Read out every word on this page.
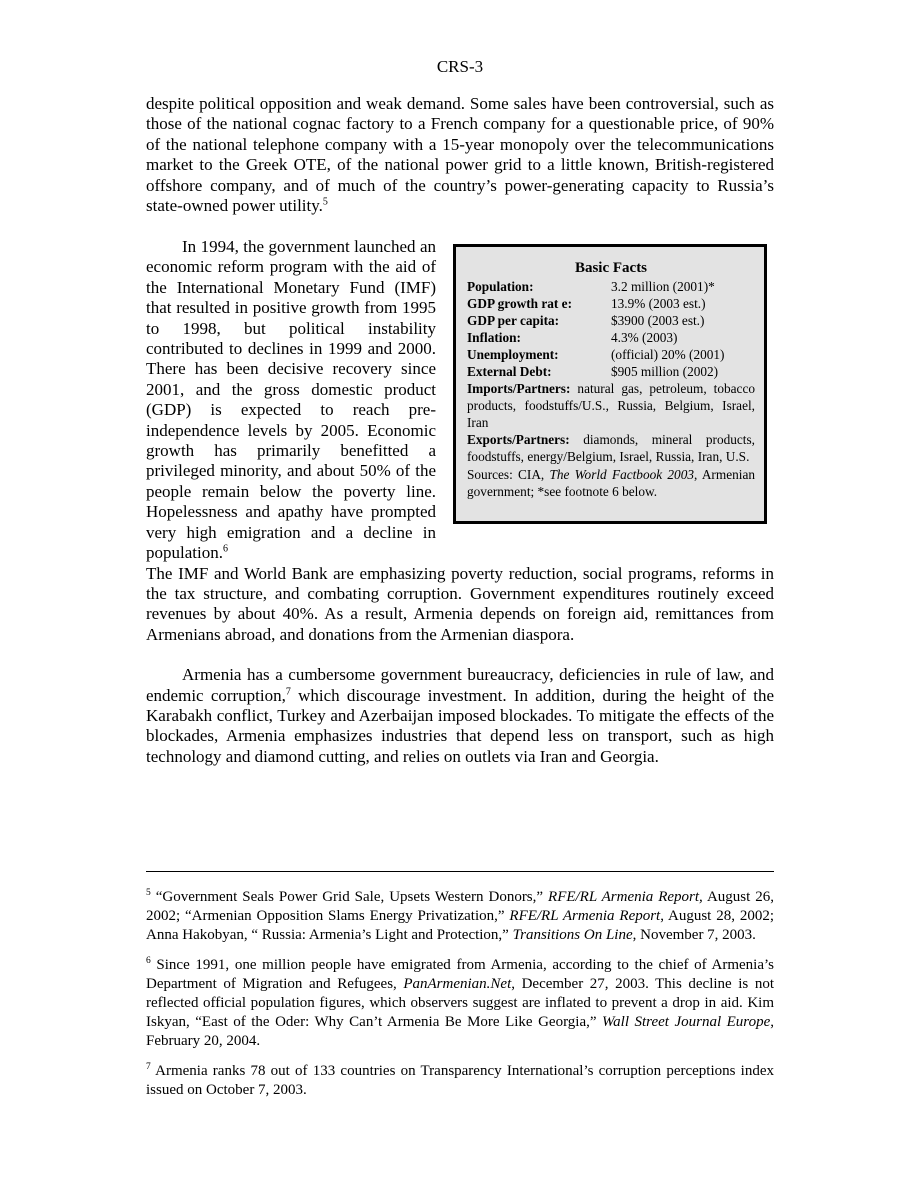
CRS-3

despite political opposition and weak demand. Some sales have been controversial, such as those of the national cognac factory to a French company for a questionable price, of 90% of the national telephone company with a 15-year monopoly over the telecommunications market to the Greek OTE, of the national power grid to a little known, British-registered offshore company, and of much of the country’s power-generating capacity to Russia’s state-owned power utility.$^5$

In 1994, the government launched an economic reform program with the aid of the International Monetary Fund (IMF) that resulted in positive growth from 1995 to 1998, but political instability contributed to declines in 1999 and 2000. There has been decisive recovery since 2001, and the gross domestic product (GDP) is expected to reach pre-independence levels by 2005. Economic growth has primarily benefitted a privileged minority, and about 50% of the people remain below the poverty line. Hopelessness and apathy have prompted very high emigration and a decline in population.$^6$

The IMF and World Bank are emphasizing poverty reduction, social programs, reforms in the tax structure, and combating corruption. Government expenditures routinely exceed revenues by about 40%. As a result, Armenia depends on foreign aid, remittances from Armenians abroad, and donations from the Armenian diaspora.

Armenia has a cumbersome government bureaucracy, deficiencies in rule of law, and endemic corruption,$^7$ which discourage investment. In addition, during the height of the Karabakh conflict, Turkey and Azerbaijan imposed blockades. To mitigate the effects of the blockades, Armenia emphasizes industries that depend less on transport, such as high technology and diamond cutting, and relies on outlets via Iran and Georgia.

Basic Facts
Population:	3.2 million (2001)*
GDP growth rat e:	13.9% (2003 est.)
GDP per capita:	$3900 (2003 est.)
Inflation:	4.3% (2003)
Unemployment:	(official) 20% (2001)
External Debt:	$905 million (2002)
Imports/Partners: natural gas, petroleum, tobacco products, foodstuffs/U.S., Russia, Belgium, Israel, Iran
Exports/Partners: diamonds, mineral products, foodstuffs, energy/Belgium, Israel, Russia, Iran, U.S.
Sources: CIA, The World Factbook 2003, Armenian government; *see footnote 6 below.

$^5$ “Government Seals Power Grid Sale, Upsets Western Donors,” RFE/RL Armenia Report, August 26, 2002; “Armenian Opposition Slams Energy Privatization,” RFE/RL Armenia Report, August 28, 2002; Anna Hakobyan, “ Russia: Armenia’s Light and Protection,” Transitions On Line, November 7, 2003.

$^6$ Since 1991, one million people have emigrated from Armenia, according to the chief of Armenia’s Department of Migration and Refugees, PanArmenian.Net, December 27, 2003. This decline is not reflected official population figures, which observers suggest are inflated to prevent a drop in aid. Kim Iskyan, “East of the Oder: Why Can’t Armenia Be More Like Georgia,” Wall Street Journal Europe, February 20, 2004.

$^7$ Armenia ranks 78 out of 133 countries on Transparency International’s corruption perceptions index issued on October 7, 2003.
